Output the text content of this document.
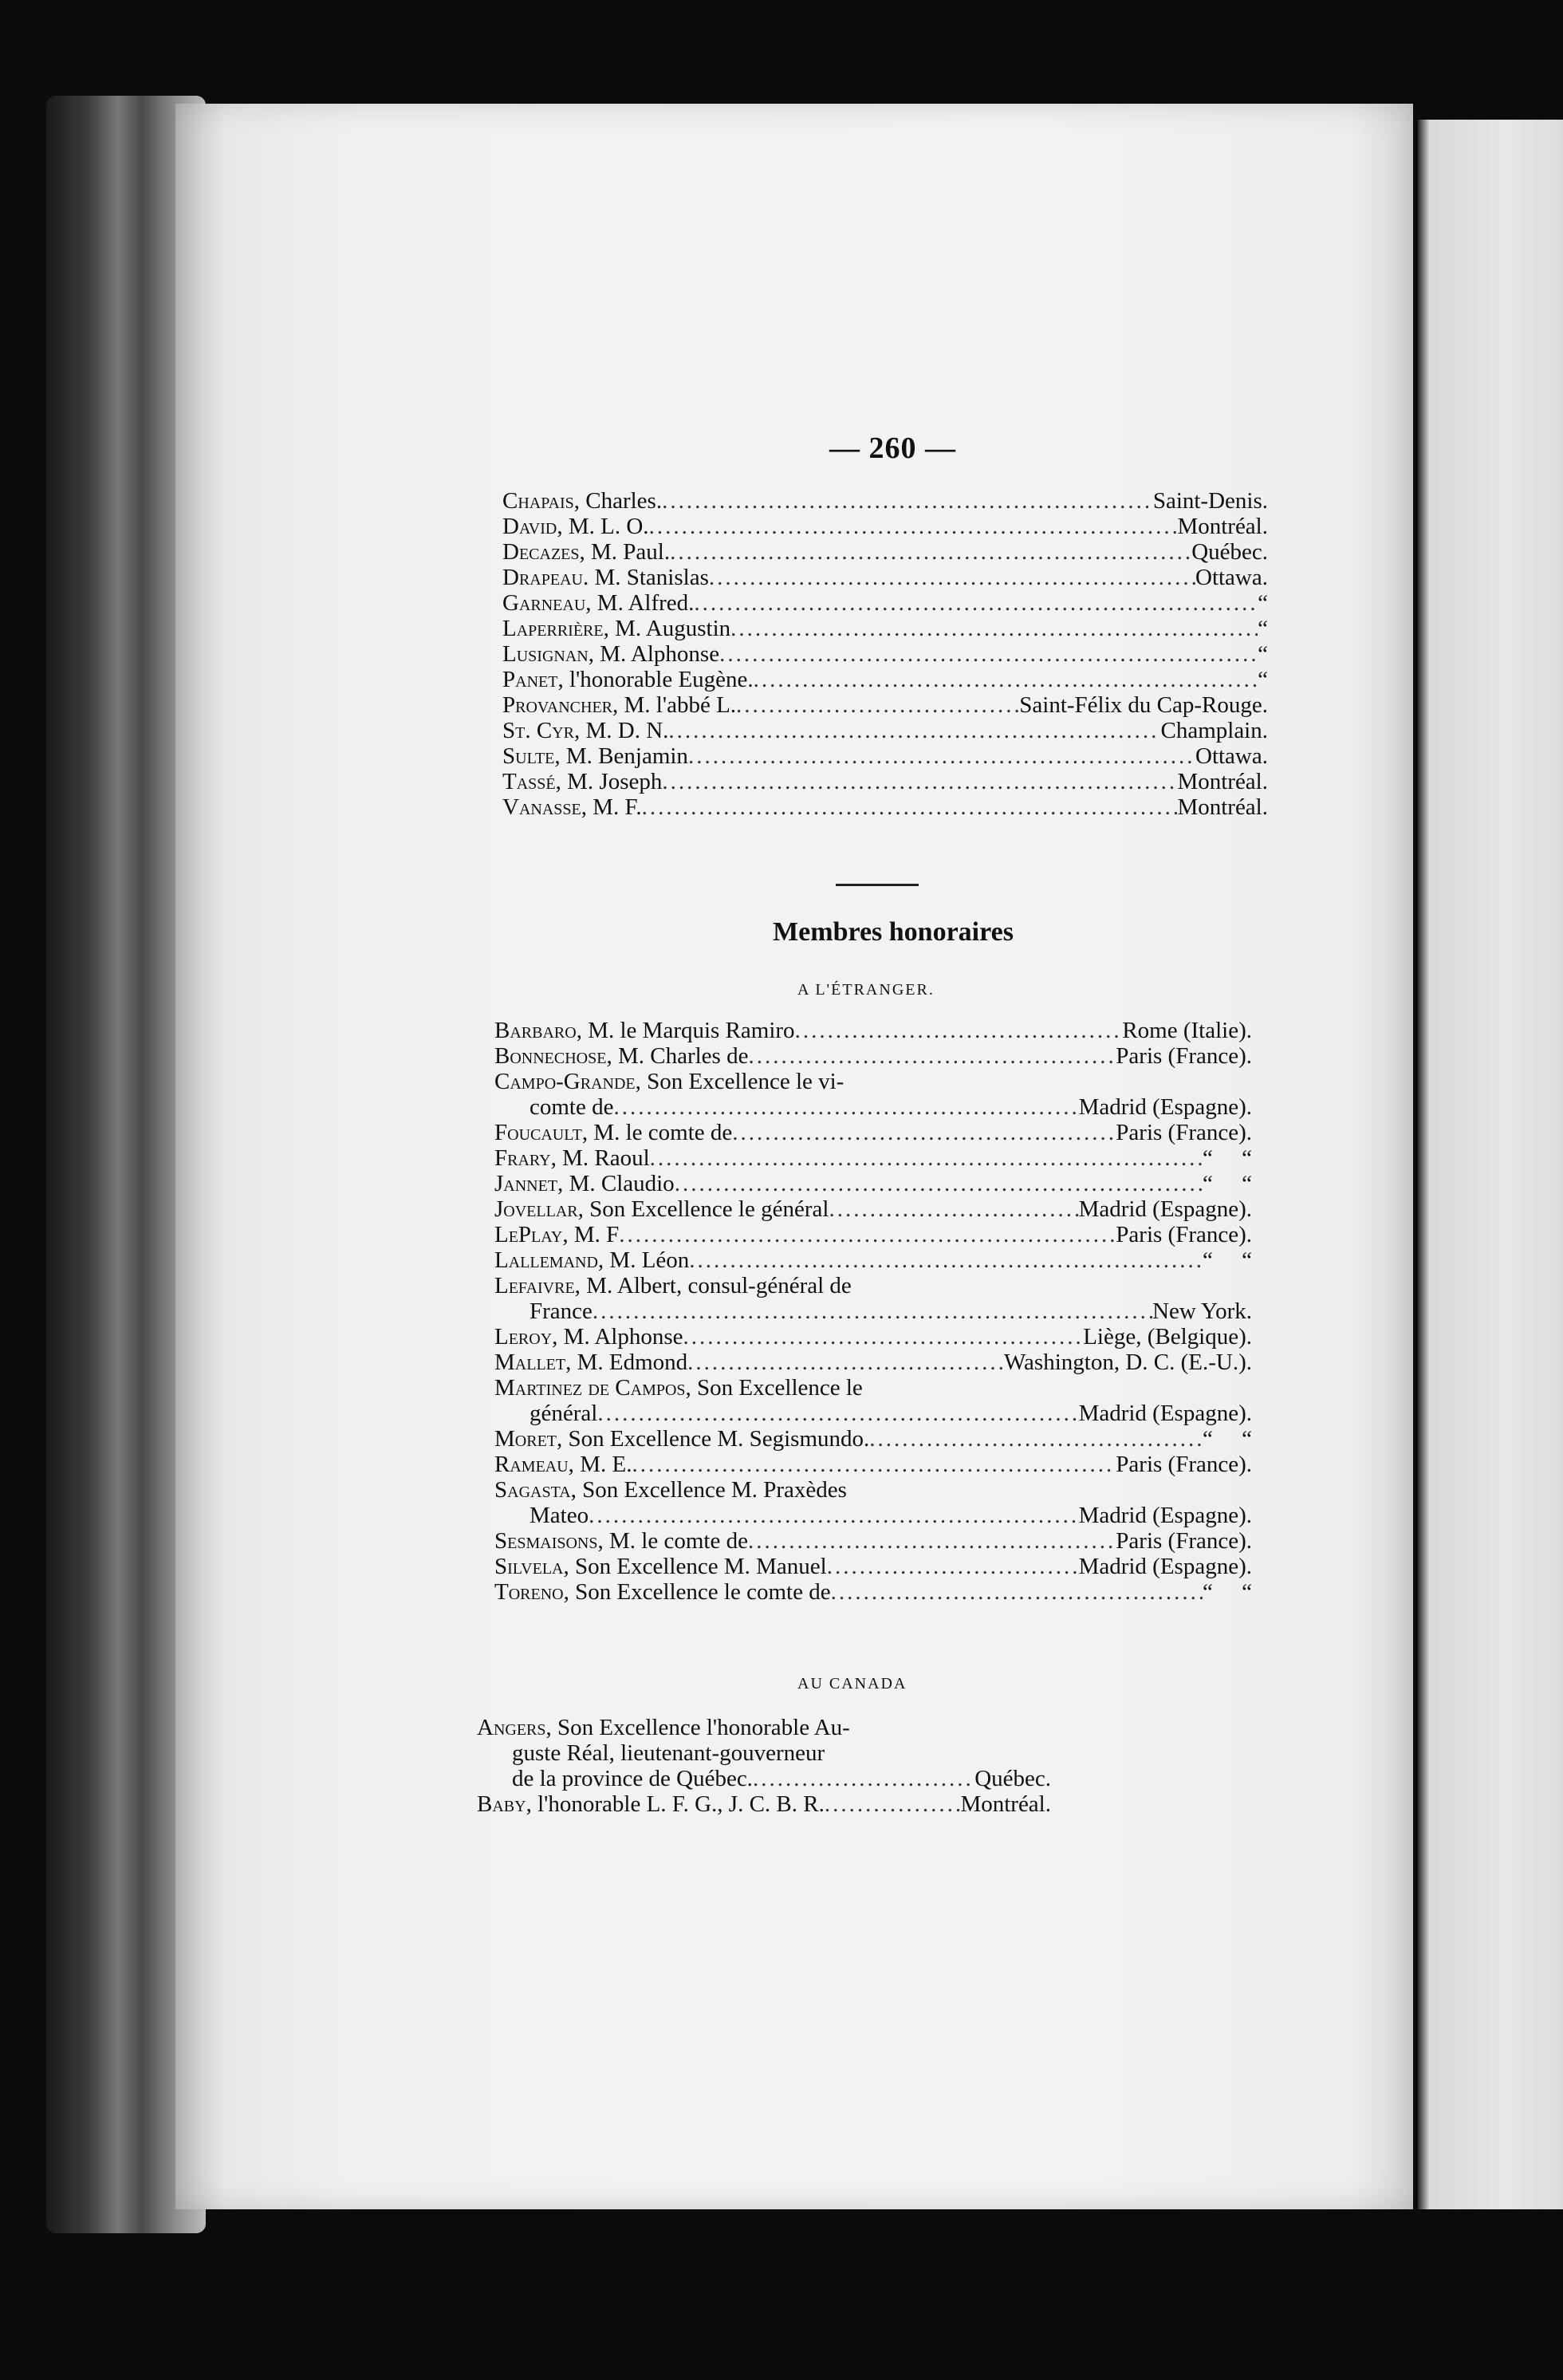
— 260 —
Chapais, Charles. .....	Saint-Denis.
David, M. L. O. .....	Montréal.
Decazes, M. Paul. .....	Québec.
Drapeau. M. Stanislas .....	Ottawa.
Garneau, M. Alfred. .....	“
Laperrière, M. Augustin .....	“
Lusignan, M. Alphonse .....	“
Panet, l'honorable Eugène. .....	“
Provancher, M. l'abbé L. .....	Saint-Félix du Cap-Rouge.
St. Cyr, M. D. N. .....	Champlain.
Sulte, M. Benjamin .....	Ottawa.
Tassé, M. Joseph .....	Montréal.
Vanasse, M. F. .....	Montréal.
Membres honoraires
A L'ÉTRANGER.
Barbaro, M. le Marquis Ramiro .....	Rome (Italie).
Bonnechose, M. Charles de .....	Paris (France).
Campo-Grande, Son Excellence le vi-
comte de .....	Madrid (Espagne).
Foucault, M. le comte de .....	Paris (France).
Frary, M. Raoul .....	“     “
Jannet, M. Claudio .....	“     “
Jovellar, Son Excellence le général .....	Madrid (Espagne).
LePlay, M. F .....	Paris (France).
Lallemand, M. Léon .....	“     “
Lefaivre, M. Albert, consul-général de
France .....	New York.
Leroy, M. Alphonse .....	Liège, (Belgique).
Mallet, M. Edmond .....	Washington, D. C. (E.-U.).
Martinez de Campos, Son Excellence le
général .....	Madrid (Espagne).
Moret, Son Excellence M. Segismundo. .....	“     “
Rameau, M. E. .....	Paris (France).
Sagasta, Son Excellence M. Praxèdes
Mateo .....	Madrid (Espagne).
Sesmaisons, M. le comte de .....	Paris (France).
Silvela, Son Excellence M. Manuel .....	Madrid (Espagne).
Toreno, Son Excellence le comte de .....	“     “
AU CANADA
Angers, Son Excellence l'honorable Au-
guste Réal, lieutenant-gouverneur
de la province de Québec. .....	Québec.
Baby, l'honorable L. F. G., J. C. B. R. .....	Montréal.
